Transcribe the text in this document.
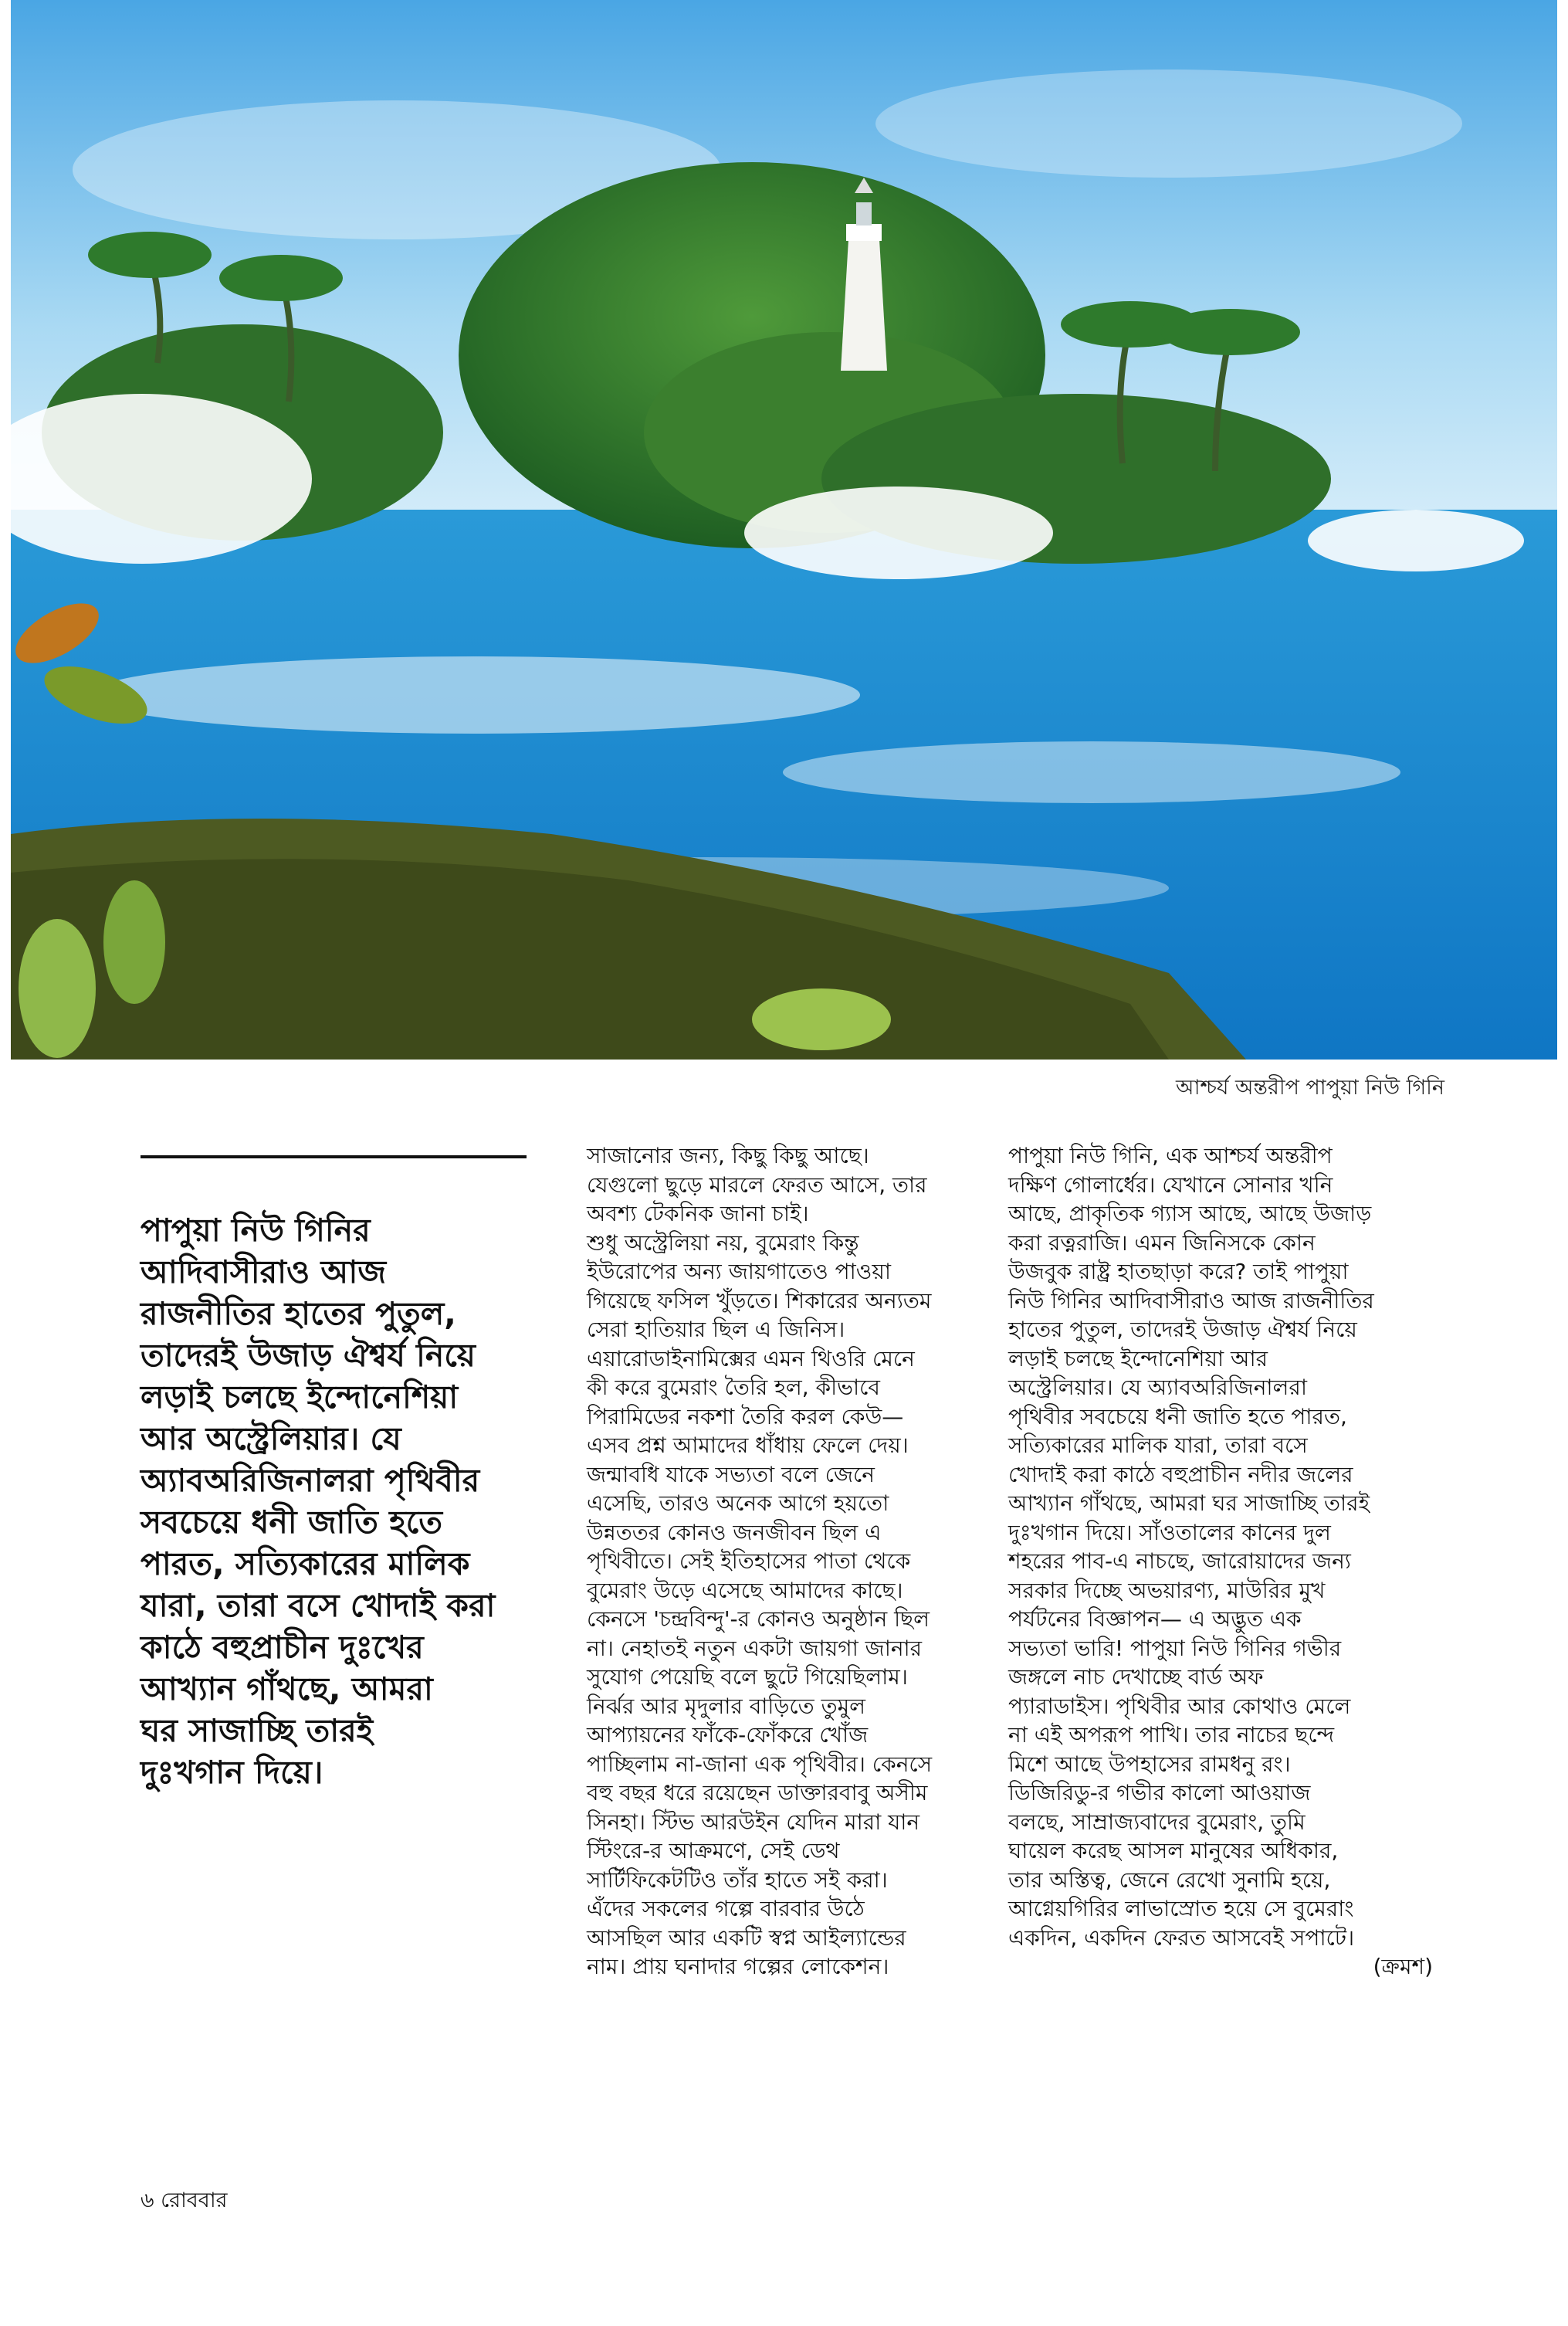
আশ্চর্য অন্তরীপ পাপুয়া নিউ গিনি
পাপুয়া নিউ গিনির
আদিবাসীরাও আজ
রাজনীতির হাতের পুতুল,
তাদেরই উজাড় ঐশ্বর্য নিয়ে
লড়াই চলছে ইন্দোনেশিয়া
আর অস্ট্রেলিয়ার। যে
অ্যাবঅরিজিনালরা পৃথিবীর
সবচেয়ে ধনী জাতি হতে
পারত, সত্যিকারের মালিক
যারা, তারা বসে খোদাই করা
কাঠে বহুপ্রাচীন দুঃখের
আখ্যান গাঁথছে, আমরা
ঘর সাজাচ্ছি তারই
দুঃখগান দিয়ে।
সাজানোর জন্য, কিছু কিছু আছে।
যেগুলো ছুড়ে মারলে ফেরত আসে, তার
অবশ্য টেকনিক জানা চাই।
শুধু অস্ট্রেলিয়া নয়, বুমেরাং কিন্তু
ইউরোপের অন্য জায়গাতেও পাওয়া
গিয়েছে ফসিল খুঁড়তে। শিকারের অন্যতম
সেরা হাতিয়ার ছিল এ জিনিস।
এয়ারোডাইনামিক্সের এমন থিওরি মেনে
কী করে বুমেরাং তৈরি হল, কীভাবে
পিরামিডের নকশা তৈরি করল কেউ—
এসব প্রশ্ন আমাদের ধাঁধায় ফেলে দেয়।
জন্মাবধি যাকে সভ্যতা বলে জেনে
এসেছি, তারও অনেক আগে হয়তো
উন্নততর কোনও জনজীবন ছিল এ
পৃথিবীতে। সেই ইতিহাসের পাতা থেকে
বুমেরাং উড়ে এসেছে আমাদের কাছে।
কেনসে 'চন্দ্রবিন্দু'-র কোনও অনুষ্ঠান ছিল
না। নেহাতই নতুন একটা জায়গা জানার
সুযোগ পেয়েছি বলে ছুটে গিয়েছিলাম।
নির্ঝর আর মৃদুলার বাড়িতে তুমুল
আপ্যায়নের ফাঁকে-ফোঁকরে খোঁজ
পাচ্ছিলাম না-জানা এক পৃথিবীর। কেনসে
বহু বছর ধরে রয়েছেন ডাক্তারবাবু অসীম
সিনহা। স্টিভ আরউইন যেদিন মারা যান
স্টিংরে-র আক্রমণে, সেই ডেথ
সার্টিফিকেটটিও তাঁর হাতে সই করা।
এঁদের সকলের গল্পে বারবার উঠে
আসছিল আর একটি স্বপ্ন আইল্যান্ডের
নাম। প্রায় ঘনাদার গল্পের লোকেশন।
পাপুয়া নিউ গিনি, এক আশ্চর্য অন্তরীপ
দক্ষিণ গোলার্ধের। যেখানে সোনার খনি
আছে, প্রাকৃতিক গ্যাস আছে, আছে উজাড়
করা রত্নরাজি। এমন জিনিসকে কোন
উজবুক রাষ্ট্র হাতছাড়া করে? তাই পাপুয়া
নিউ গিনির আদিবাসীরাও আজ রাজনীতির
হাতের পুতুল, তাদেরই উজাড় ঐশ্বর্য নিয়ে
লড়াই চলছে ইন্দোনেশিয়া আর
অস্ট্রেলিয়ার। যে অ্যাবঅরিজিনালরা
পৃথিবীর সবচেয়ে ধনী জাতি হতে পারত,
সত্যিকারের মালিক যারা, তারা বসে
খোদাই করা কাঠে বহুপ্রাচীন নদীর জলের
আখ্যান গাঁথছে, আমরা ঘর সাজাচ্ছি তারই
দুঃখগান দিয়ে। সাঁওতালের কানের দুল
শহরের পাব-এ নাচছে, জারোয়াদের জন্য
সরকার দিচ্ছে অভয়ারণ্য, মাউরির মুখ
পর্যটনের বিজ্ঞাপন— এ অদ্ভুত এক
সভ্যতা ভারি! পাপুয়া নিউ গিনির গভীর
জঙ্গলে নাচ দেখাচ্ছে বার্ড অফ
প্যারাডাইস। পৃথিবীর আর কোথাও মেলে
না এই অপরূপ পাখি। তার নাচের ছন্দে
মিশে আছে উপহাসের রামধনু রং।
ডিজিরিডু-র গভীর কালো আওয়াজ
বলছে, সাম্রাজ্যবাদের বুমেরাং, তুমি
ঘায়েল করেছ আসল মানুষের অধিকার,
তার অস্তিত্ব, জেনে রেখো সুনামি হয়ে,
আগ্নেয়গিরির লাভাস্রোত হয়ে সে বুমেরাং
একদিন, একদিন ফেরত আসবেই সপাটে।
(ক্রমশ)
৬ রোববার
